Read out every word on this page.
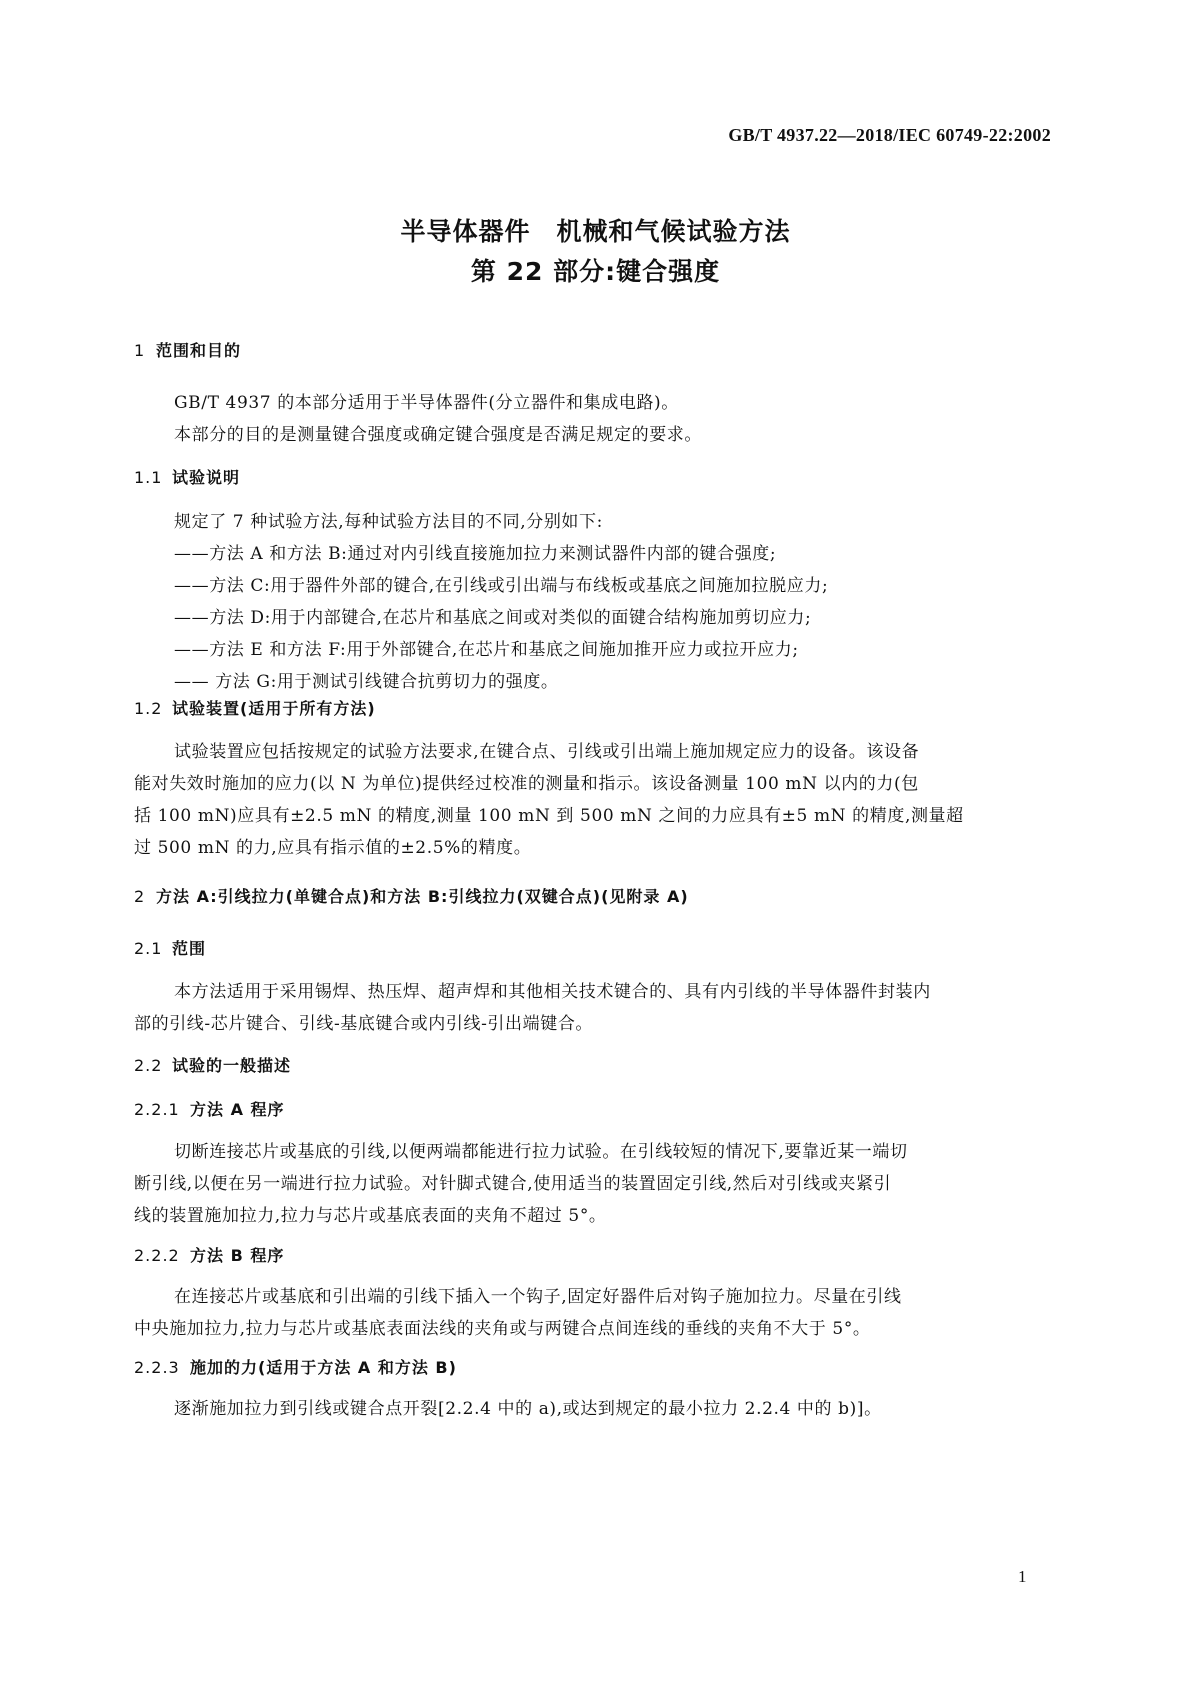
GB/T 4937.22—2018/IEC 60749-22:2002
半导体器件　机械和气候试验方法
第 22 部分:键合强度
1 范围和目的

GB/T 4937 的本部分适用于半导体器件(分立器件和集成电路)。

本部分的目的是测量键合强度或确定键合强度是否满足规定的要求。

1.1 试验说明

规定了 7 种试验方法,每种试验方法目的不同,分别如下:

——方法 A 和方法 B:通过对内引线直接施加拉力来测试器件内部的键合强度;

——方法 C:用于器件外部的键合,在引线或引出端与布线板或基底之间施加拉脱应力;

——方法 D:用于内部键合,在芯片和基底之间或对类似的面键合结构施加剪切应力;

——方法 E 和方法 F:用于外部键合,在芯片和基底之间施加推开应力或拉开应力;

—— 方法 G:用于测试引线键合抗剪切力的强度。

1.2 试验装置(适用于所有方法)

试验装置应包括按规定的试验方法要求,在键合点、引线或引出端上施加规定应力的设备。该设备

能对失效时施加的应力(以 N 为单位)提供经过校准的测量和指示。该设备测量 100 mN 以内的力(包

括 100 mN)应具有±2.5 mN 的精度,测量 100 mN 到 500 mN 之间的力应具有±5 mN 的精度,测量超

过 500 mN 的力,应具有指示值的±2.5%的精度。

2 方法 A:引线拉力(单键合点)和方法 B:引线拉力(双键合点)(见附录 A)
2.1 范围

本方法适用于采用锡焊、热压焊、超声焊和其他相关技术键合的、具有内引线的半导体器件封装内

部的引线-芯片键合、引线-基底键合或内引线-引出端键合。

2.2 试验的一般描述
2.2.1 方法 A 程序

切断连接芯片或基底的引线,以便两端都能进行拉力试验。在引线较短的情况下,要靠近某一端切

断引线,以便在另一端进行拉力试验。对针脚式键合,使用适当的装置固定引线,然后对引线或夹紧引

线的装置施加拉力,拉力与芯片或基底表面的夹角不超过 5°。

2.2.2 方法 B 程序

在连接芯片或基底和引出端的引线下插入一个钩子,固定好器件后对钩子施加拉力。尽量在引线

中央施加拉力,拉力与芯片或基底表面法线的夹角或与两键合点间连线的垂线的夹角不大于 5°。

2.2.3 施加的力(适用于方法 A 和方法 B)

逐渐施加拉力到引线或键合点开裂[2.2.4 中的 a),或达到规定的最小拉力 2.2.4 中的 b)]。

1
